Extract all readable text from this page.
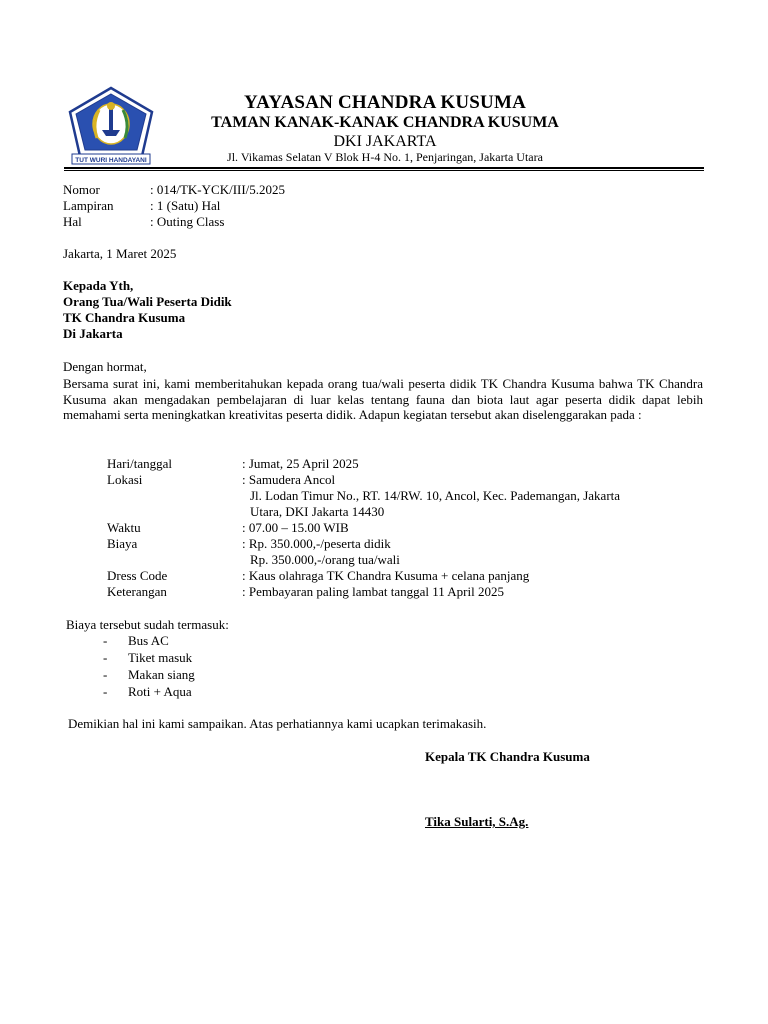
TUT WURI HANDAYANI
YAYASAN CHANDRA KUSUMA
TAMAN KANAK-KANAK CHANDRA KUSUMA
DKI JAKARTA
Jl. Vikamas Selatan V Blok H-4 No. 1, Penjaringan, Jakarta Utara
Nomor	: 014/TK-YCK/III/5.2025
Lampiran	: 1 (Satu) Hal
Hal	: Outing Class
Jakarta, 1 Maret 2025
Kepada Yth,
Orang Tua/Wali Peserta Didik
TK Chandra Kusuma
Di Jakarta
Dengan hormat,
Bersama surat ini, kami memberitahukan kepada orang tua/wali peserta didik TK Chandra Kusuma bahwa TK Chandra Kusuma akan mengadakan pembelajaran di luar kelas tentang fauna dan biota laut agar peserta didik dapat lebih memahami serta meningkatkan kreativitas peserta didik. Adapun kegiatan tersebut akan diselenggarakan pada :
Hari/tanggal	: Jumat, 25 April 2025
Lokasi	: Samudera Ancol
Jl. Lodan Timur No., RT. 14/RW. 10, Ancol, Kec. Pademangan, Jakarta
Utara, DKI Jakarta 14430
Waktu	: 07.00 – 15.00 WIB
Biaya	: Rp. 350.000,-/peserta didik
Rp. 350.000,-/orang tua/wali
Dress Code	: Kaus olahraga TK Chandra Kusuma + celana panjang
Keterangan	: Pembayaran paling lambat tanggal 11 April 2025
Biaya tersebut sudah termasuk:
- Bus AC
- Tiket masuk
- Makan siang
- Roti + Aqua
Demikian hal ini kami sampaikan. Atas perhatiannya kami ucapkan terimakasih.
Kepala TK Chandra Kusuma
Tika Sularti, S.Ag.
